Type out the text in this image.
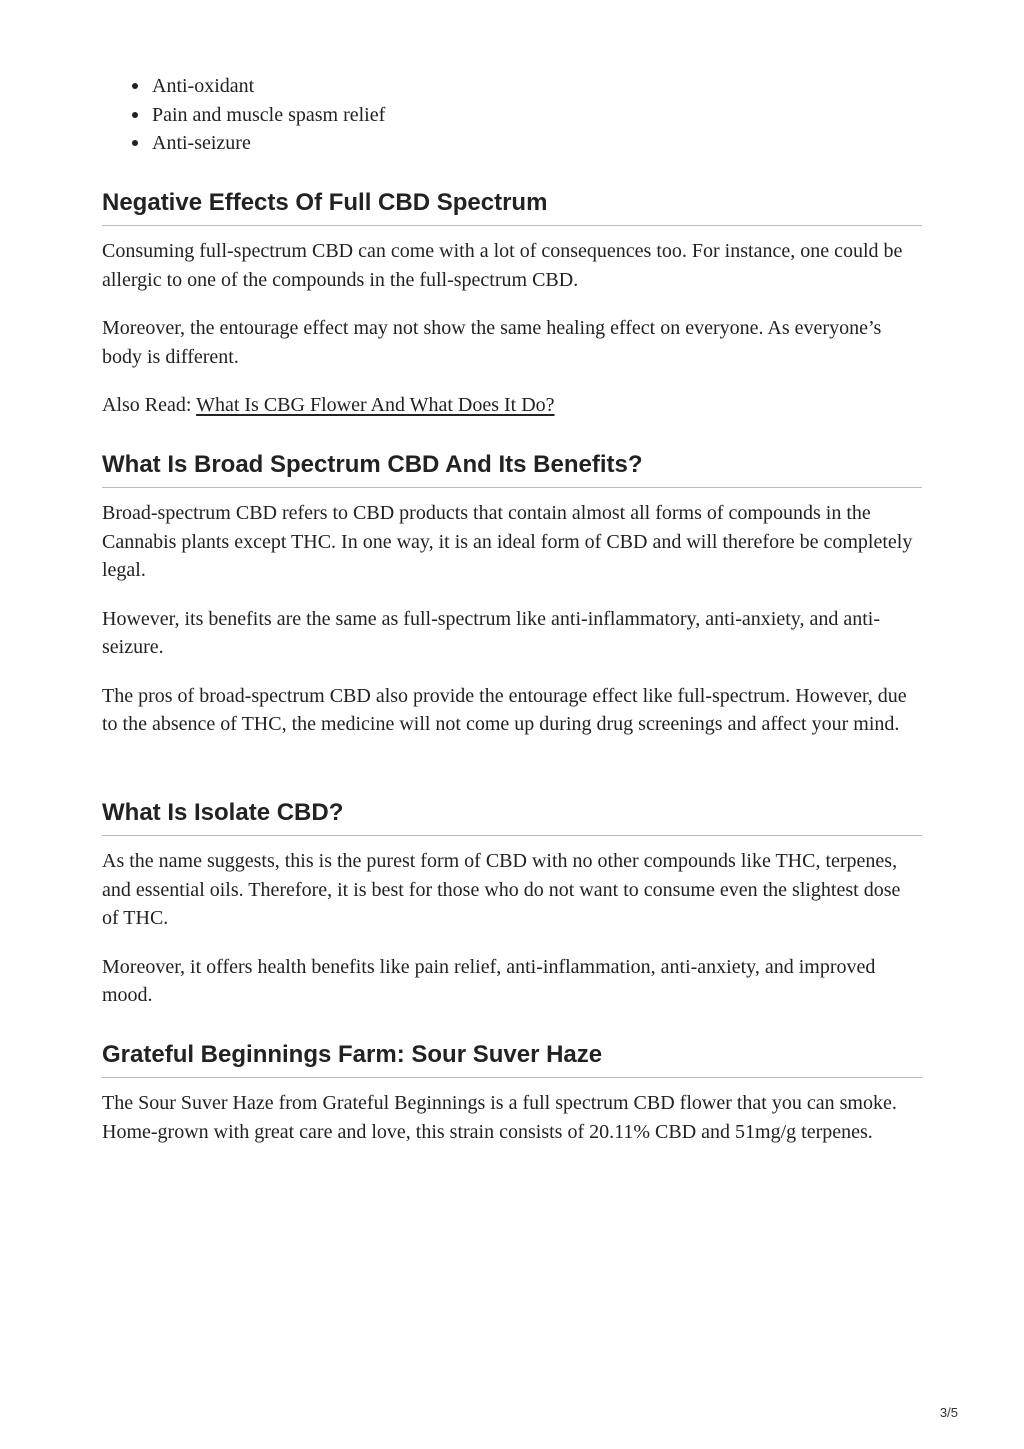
Anti-oxidant
Pain and muscle spasm relief
Anti-seizure
Negative Effects Of Full CBD Spectrum

Consuming full-spectrum CBD can come with a lot of consequences too. For instance, one could be allergic to one of the compounds in the full-spectrum CBD.

Moreover, the entourage effect may not show the same healing effect on everyone. As everyone’s body is different.

Also Read: What Is CBG Flower And What Does It Do?

What Is Broad Spectrum CBD And Its Benefits?

Broad-spectrum CBD refers to CBD products that contain almost all forms of compounds in the Cannabis plants except THC. In one way, it is an ideal form of CBD and will therefore be completely legal.

However, its benefits are the same as full-spectrum like anti-inflammatory, anti-anxiety, and anti-seizure.

The pros of broad-spectrum CBD also provide the entourage effect like full-spectrum. However, due to the absence of THC, the medicine will not come up during drug screenings and affect your mind.

What Is Isolate CBD?

As the name suggests, this is the purest form of CBD with no other compounds like THC, terpenes, and essential oils. Therefore, it is best for those who do not want to consume even the slightest dose of THC.

Moreover, it offers health benefits like pain relief, anti-inflammation, anti-anxiety, and improved mood.

Grateful Beginnings Farm: Sour Suver Haze

The Sour Suver Haze from Grateful Beginnings is a full spectrum CBD flower that you can smoke. Home-grown with great care and love, this strain consists of 20.11% CBD and 51mg/g terpenes.

3/5
